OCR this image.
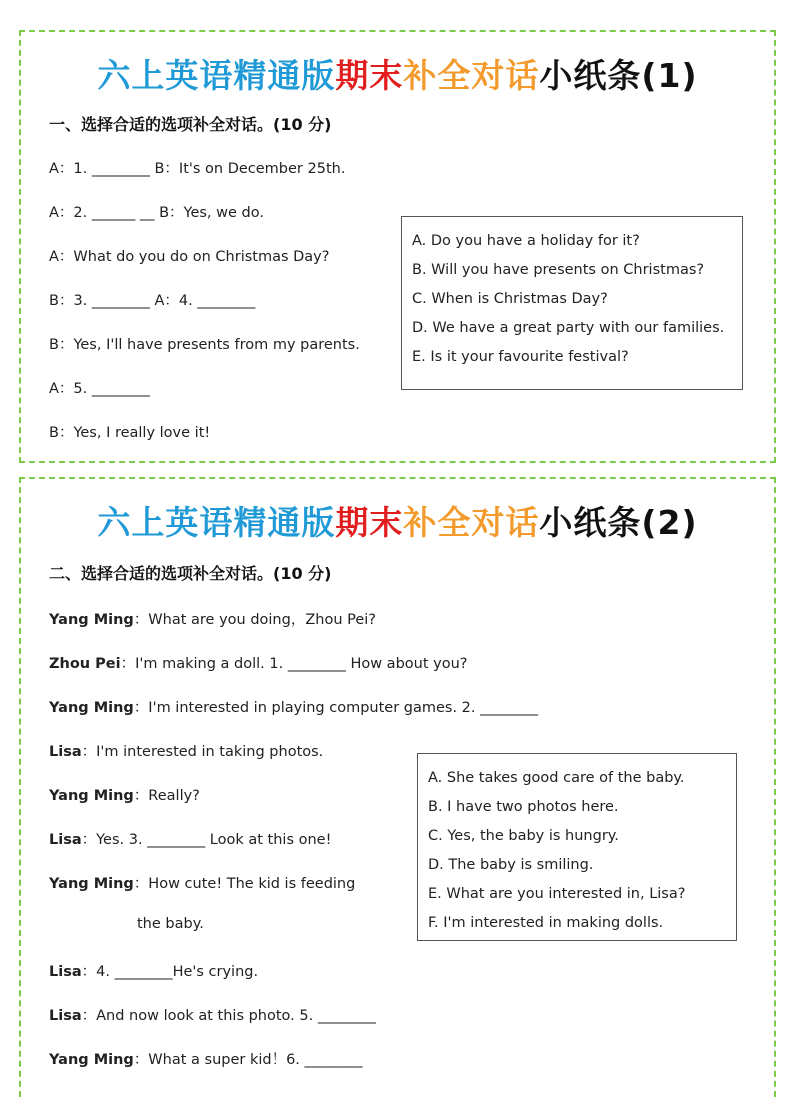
六上英语精通版期末补全对话小纸条(1)
一、选择合适的选项补全对话。(10 分)
A：1. ________ B：It's on December 25th.
A：2. ______ __ B：Yes, we do.
A：What do you do on Christmas Day?
B：3. ________ A：4. ________
B：Yes, I'll have presents from my parents.
A：5. ________
B：Yes, I really love it!
A. Do you have a holiday for it?
B. Will you have presents on Christmas?
C. When is Christmas Day?
D. We have a great party with our families.
E. Is it your favourite festival?
六上英语精通版期末补全对话小纸条(2)
二、选择合适的选项补全对话。(10 分)
Yang Ming：What are you doing，Zhou Pei?
Zhou Pei：I'm making a doll. 1. ________ How about you?
Yang Ming：I'm interested in playing computer games. 2. ________
Lisa：I'm interested in taking photos.
Yang Ming：Really?
Lisa：Yes. 3. ________ Look at this one!
Yang Ming：How cute! The kid is feeding
the baby.
Lisa：4. ________He's crying.
Lisa：And now look at this photo. 5. ________
Yang Ming：What a super kid！6. ________
A. She takes good care of the baby.
B. I have two photos here.
C. Yes, the baby is hungry.
D. The baby is smiling.
E. What are you interested in, Lisa?
F. I'm interested in making dolls.
